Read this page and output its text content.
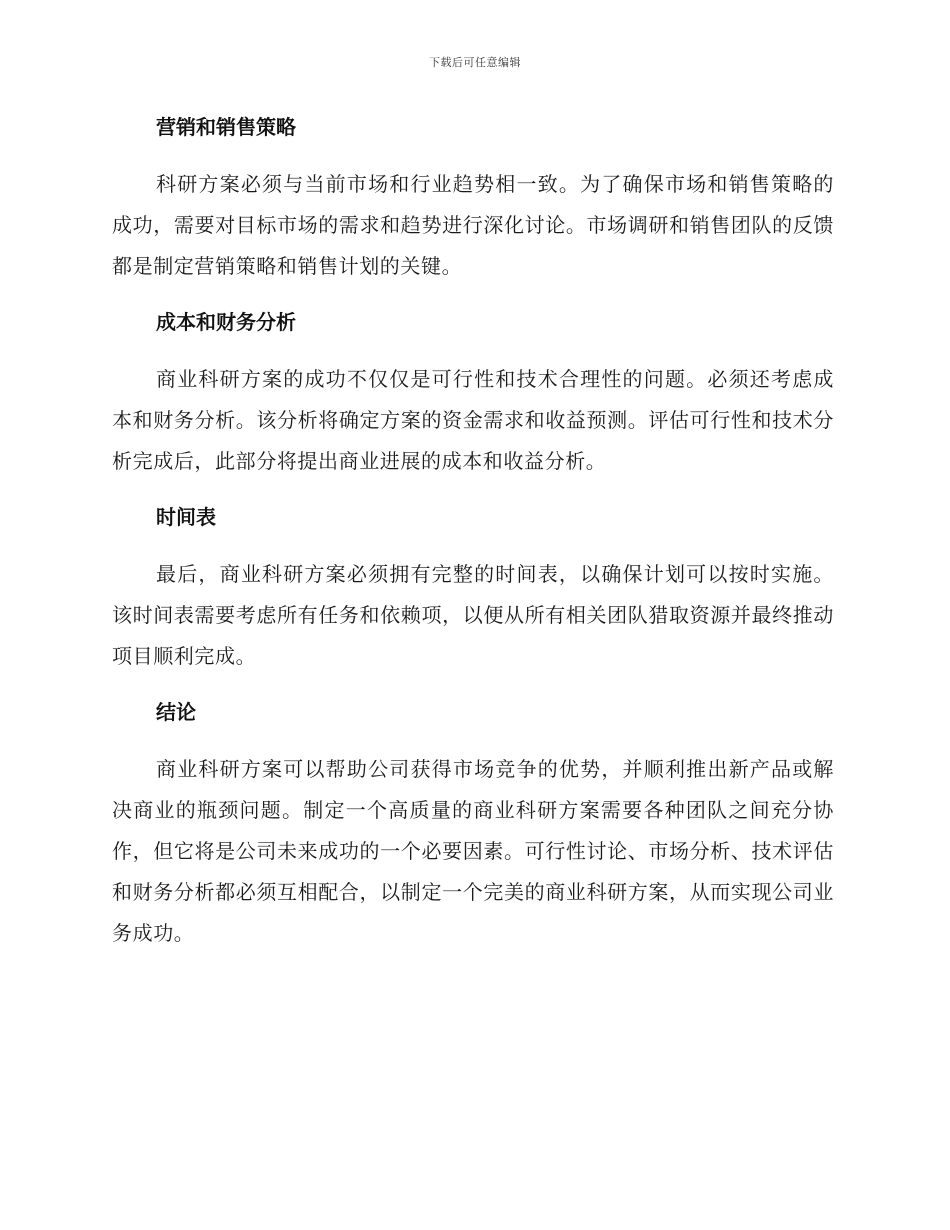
下载后可任意编辑
营销和销售策略

科研方案必须与当前市场和行业趋势相一致。为了确保市场和销售策略的成功，需要对目标市场的需求和趋势进行深化讨论。市场调研和销售团队的反馈都是制定营销策略和销售计划的关键。

成本和财务分析

商业科研方案的成功不仅仅是可行性和技术合理性的问题。必须还考虑成本和财务分析。该分析将确定方案的资金需求和收益预测。评估可行性和技术分析完成后，此部分将提出商业进展的成本和收益分析。

时间表

最后，商业科研方案必须拥有完整的时间表，以确保计划可以按时实施。该时间表需要考虑所有任务和依赖项，以便从所有相关团队猎取资源并最终推动项目顺利完成。

结论

商业科研方案可以帮助公司获得市场竞争的优势，并顺利推出新产品或解决商业的瓶颈问题。制定一个高质量的商业科研方案需要各种团队之间充分协作，但它将是公司未来成功的一个必要因素。可行性讨论、市场分析、技术评估和财务分析都必须互相配合，以制定一个完美的商业科研方案，从而实现公司业务成功。
